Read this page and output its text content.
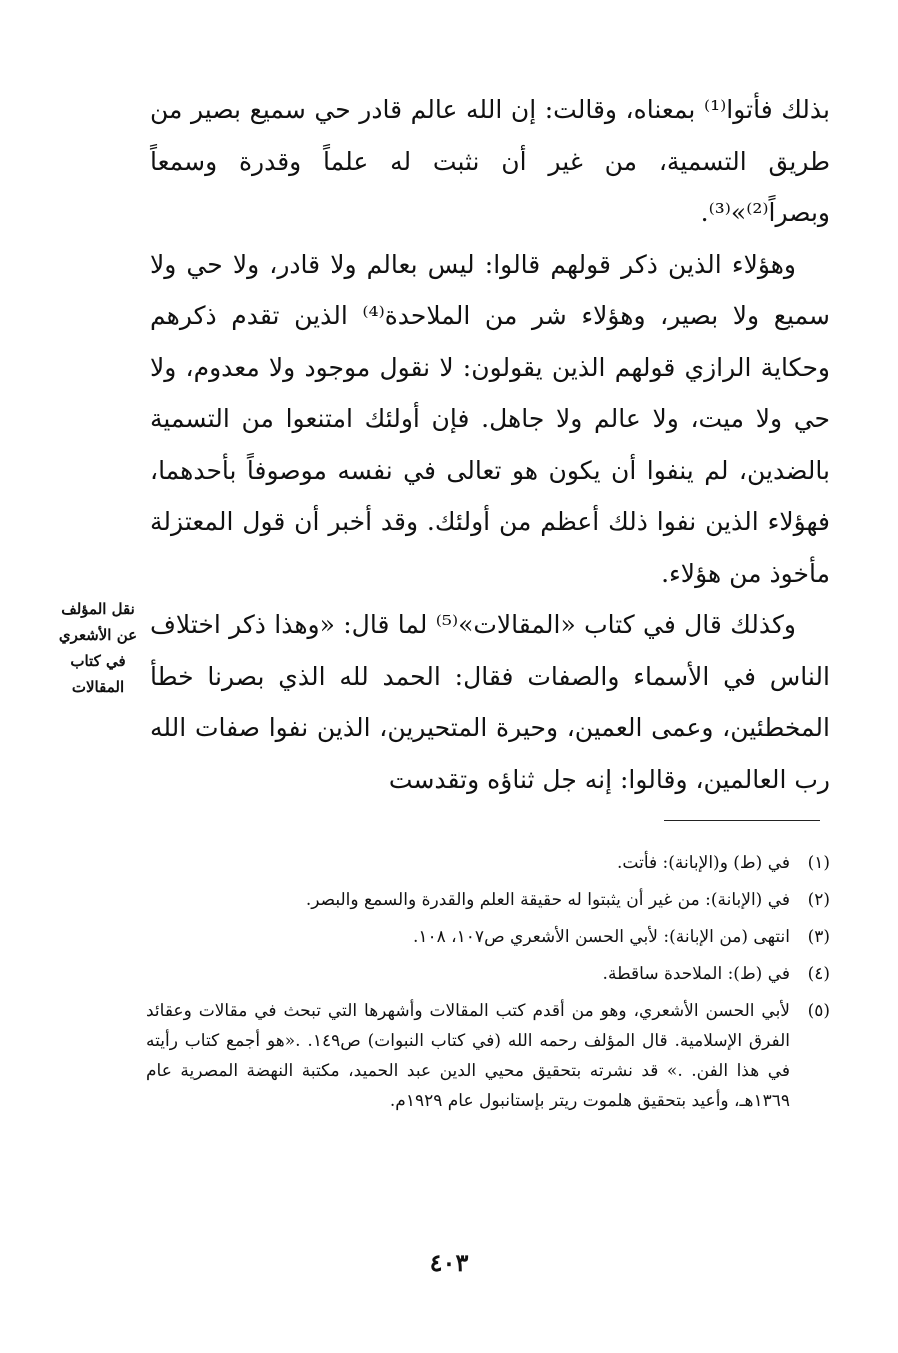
بذلك فأتوا⁽¹⁾ بمعناه، وقالت: إن الله عالم قادر حي سميع بصير من طريق التسمية، من غير أن نثبت له علماً وقدرة وسمعاً وبصراً⁽²⁾»⁽³⁾.

وهؤلاء الذين ذكر قولهم قالوا: ليس بعالم ولا قادر، ولا حي ولا سميع ولا بصير، وهؤلاء شر من الملاحدة⁽⁴⁾ الذين تقدم ذكرهم وحكاية الرازي قولهم الذين يقولون: لا نقول موجود ولا معدوم، ولا حي ولا ميت، ولا عالم ولا جاهل. فإن أولئك امتنعوا من التسمية بالضدين، لم ينفوا أن يكون هو تعالى في نفسه موصوفاً بأحدهما، فهؤلاء الذين نفوا ذلك أعظم من أولئك. وقد أخبر أن قول المعتزلة مأخوذ من هؤلاء.

وكذلك قال في كتاب «المقالات»⁽⁵⁾ لما قال: «وهذا ذكر اختلاف الناس في الأسماء والصفات فقال: الحمد لله الذي بصرنا خطأ المخطئين، وعمى العمين، وحيرة المتحيرين، الذين نفوا صفات الله رب العالمين، وقالوا: إنه جل ثناؤه وتقدست

نقل المؤلف
عن الأشعري
في كتاب
المقالات
(١)
في (ط) و(الإبانة): فأتت.
(٢)
في (الإبانة): من غير أن يثبتوا له حقيقة العلم والقدرة والسمع والبصر.
(٣)
انتهى (من الإبانة): لأبي الحسن الأشعري ص١٠٧، ١٠٨.
(٤)
في (ط): الملاحدة ساقطة.
(٥)
لأبي الحسن الأشعري، وهو من أقدم كتب المقالات وأشهرها التي تبحث في مقالات وعقائد الفرق الإسلامية. قال المؤلف رحمه الله (في كتاب النبوات) ص١٤٩. .«هو أجمع كتاب رأيته في هذا الفن. .» قد نشرته بتحقيق محيي الدين عبد الحميد، مكتبة النهضة المصرية عام ١٣٦٩هـ، وأعيد بتحقيق هلموت ريتر بإستانبول عام ١٩٢٩م.
٤٠٣
